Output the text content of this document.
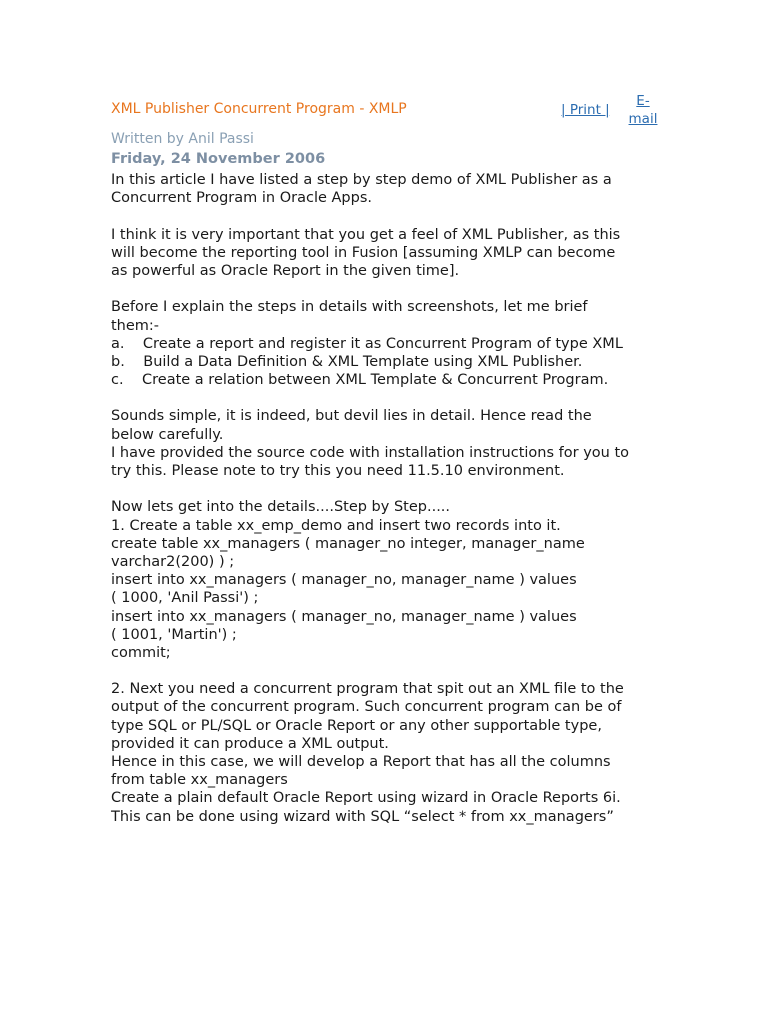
XML Publisher Concurrent Program - XMLP	| Print |
E-
mail
Written by Anil Passi
Friday, 24 November 2006
In this article I have listed a step by step demo of XML Publisher as a
Concurrent Program in Oracle Apps.
I think it is very important that you get a feel of XML Publisher, as this
will become the reporting tool in Fusion [assuming XMLP can become
as powerful as Oracle Report in the given time].
Before I explain the steps in details with screenshots, let me brief
them:-
a.    Create a report and register it as Concurrent Program of type XML
b.    Build a Data Definition & XML Template using XML Publisher.
c.    Create a relation between XML Template & Concurrent Program.
Sounds simple, it is indeed, but devil lies in detail. Hence read the
below carefully.
I have provided the source code with installation instructions for you to
try this. Please note to try this you need 11.5.10 environment.
Now lets get into the details....Step by Step.....
1. Create a table xx_emp_demo and insert two records into it.
create table xx_managers ( manager_no integer, manager_name
varchar2(200) ) ;
insert into xx_managers ( manager_no, manager_name ) values
( 1000, 'Anil Passi') ;
insert into xx_managers ( manager_no, manager_name ) values
( 1001, 'Martin') ;
commit;
2. Next you need a concurrent program that spit out an XML file to the
output of the concurrent program. Such concurrent program can be of
type SQL or PL/SQL or Oracle Report or any other supportable type,
provided it can produce a XML output.
Hence in this case, we will develop a Report that has all the columns
from table xx_managers
Create a plain default Oracle Report using wizard in Oracle Reports 6i.
This can be done using wizard with SQL “select * from xx_managers”
